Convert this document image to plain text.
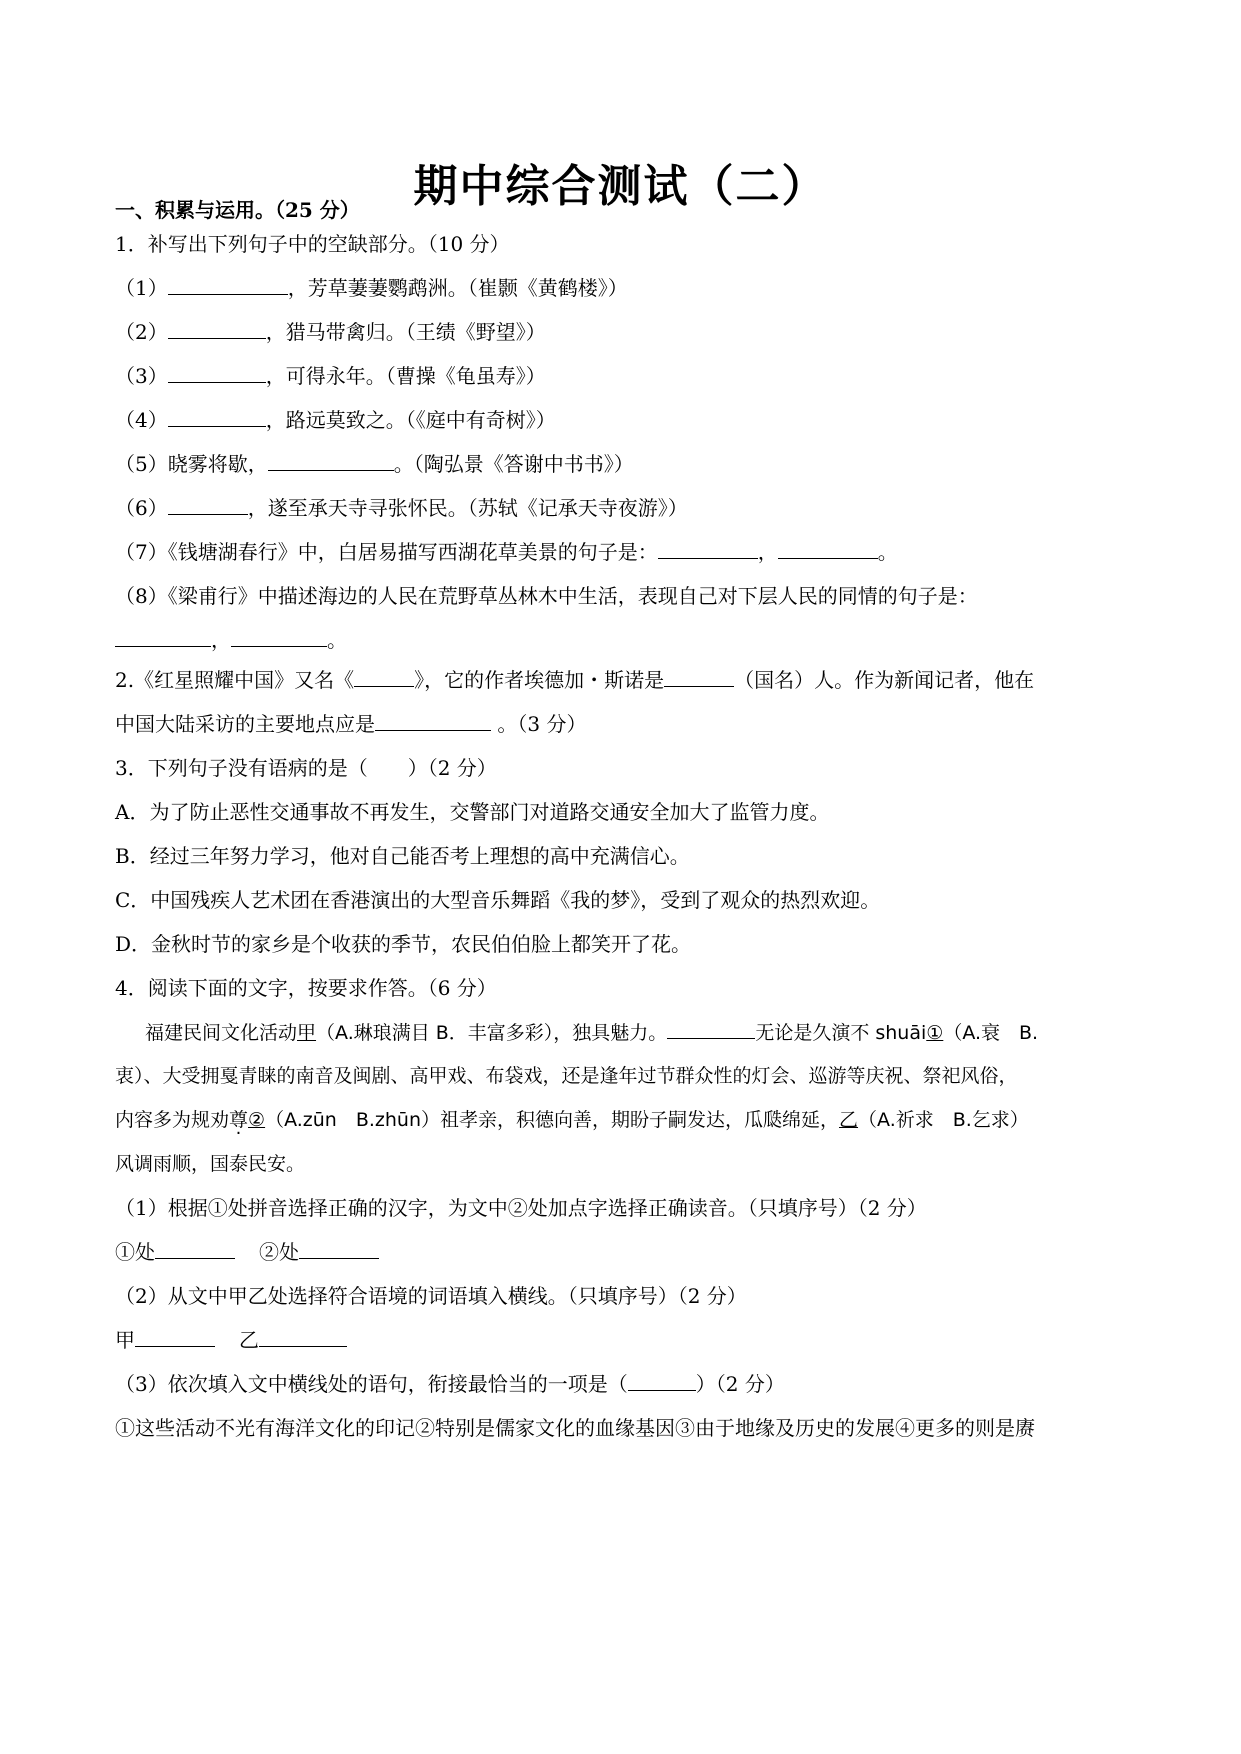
期中综合测试（二）
一、积累与运用。（25 分）
1．补写出下列句子中的空缺部分。（10 分）
（1）	，芳草萋萋鹦鹉洲。（崔颢《黄鹤楼》）
（2）	，猎马带禽归。（王绩《野望》）
（3）	，可得永年。（曹操《龟虽寿》）
（4）	，路远莫致之。（《庭中有奇树》）
（5）晓雾将歇，	。（陶弘景《答谢中书书》）
（6）	，遂至承天寺寻张怀民。（苏轼《记承天寺夜游》）
（7）《钱塘湖春行》中，白居易描写西湖花草美景的句子是：	，	。
（8）《梁甫行》中描述海边的人民在荒野草丛林木中生活，表现自己对下层人民的同情的句子是：
，	。
2.《红星照耀中国》又名《	》，它的作者埃德加・斯诺是	（国名）人。作为新闻记者，他在
中国大陆采访的主要地点应是	。（3 分）
3．下列句子没有语病的是（　　）（2 分）
A．为了防止恶性交通事故不再发生，交警部门对道路交通安全加大了监管力度。
B．经过三年努力学习，他对自己能否考上理想的高中充满信心。
C．中国残疾人艺术团在香港演出的大型音乐舞蹈《我的梦》，受到了观众的热烈欢迎。
D．金秋时节的家乡是个收获的季节，农民伯伯脸上都笑开了花。
4．阅读下面的文字，按要求作答。（6 分）
福建民间文化活动甲（A.琳琅满目 B．丰富多彩），独具魅力。	无论是久演不 shuāi①（A.衰　B.
衷）、大受拥戛青睐的南音及闽剧、高甲戏、布袋戏，还是逢年过节群众性的灯会、巡游等庆祝、祭祀风俗，
内容多为规劝尊②（A.zūn　B.zhūn）祖孝亲，积德向善，期盼子嗣发达，瓜瓞绵延，乙（A.祈求　B.乞求）
风调雨顺，国泰民安。
（1）根据①处拼音选择正确的汉字，为文中②处加点字选择正确读音。（只填序号）（2 分）
①处	②处
（2）从文中甲乙处选择符合语境的词语填入横线。（只填序号）（2 分）
甲	乙
（3）依次填入文中横线处的语句，衔接最恰当的一项是（	）（2 分）
①这些活动不光有海洋文化的印记②特别是儒家文化的血缘基因③由于地缘及历史的发展④更多的则是赓
